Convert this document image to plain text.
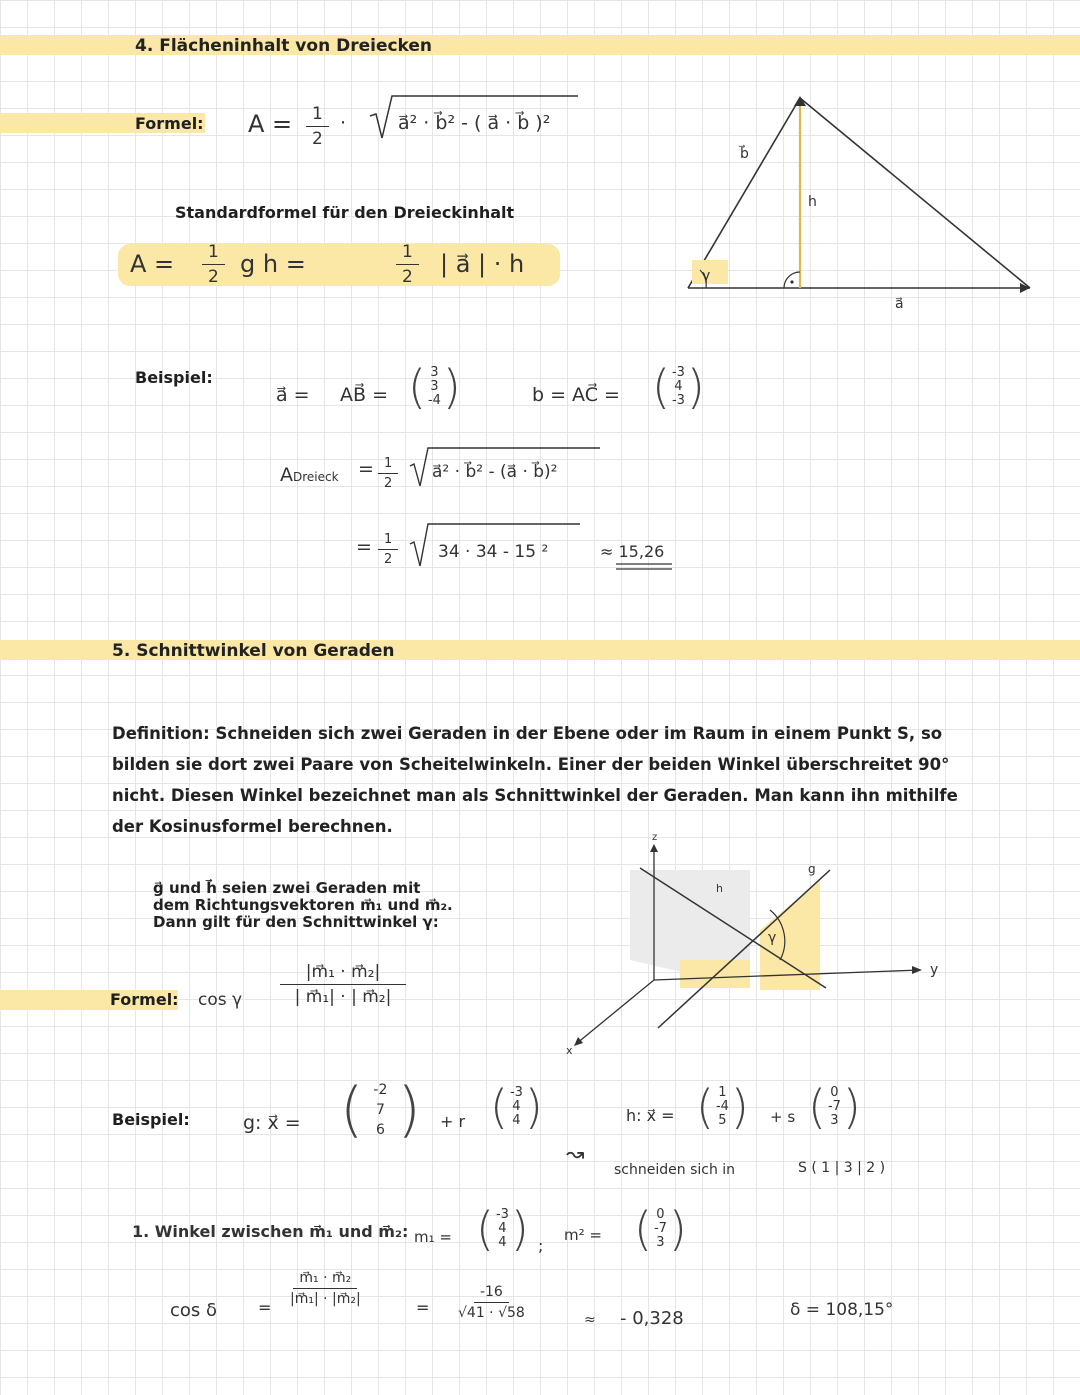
4. Flächeninhalt von Dreiecken
Formel: $A = \frac{1}{2}$ ·	a⃗² · b⃗² - ( a⃗ · b⃗ )²
Standardformel für den Dreieckinhalt
$A = \frac{1}{2}$ g h =	$\frac{1}{2}$ | a⃗ | · h
b⃗
h
γ
a⃗
Beispiel:
a⃗ = AB⃗ = ( 3
3
-4 )	b = AC⃗ = ( -3
4
-3 )
ADreieck = $\frac{1}{2}$ a⃗² · b⃗² - (a⃗ · b⃗)²
= $\frac{1}{2} 34 \cdot 34 - 15$ ²	≈ 15,26
5. Schnittwinkel von Geraden
Definition: Schneiden sich zwei Geraden in der Ebene oder im Raum in einem Punkt S, so bilden sie dort zwei Paare von Scheitelwinkeln. Einer der beiden Winkel überschreitet 90° nicht. Diesen Winkel bezeichnet man als Schnittwinkel der Geraden. Man kann ihn mithilfe der Kosinusformel berechnen.
g⃗ und h⃗ seien zwei Geraden mit
dem Richtungsvektoren m⃗₁ und m⃗₂.
Dann gilt für den Schnittwinkel γ:
z
y
x
g
h
γ
Formel: cos γ $\frac{\text{|m⃗₁ · m⃗₂|}}{\text{| m⃗₁| · | m⃗₂|}}$
Beispiel:	g: x⃗ = ( -2
7
6 ) + r ( -3
4
4 )
↝
h: x⃗ = ( 1
-4
5 ) + s ( 0
-7
3 )
schneiden sich in	S ( 1 | 3 | 2 )
1. Winkel zwischen m⃗₁ und m⃗₂: m₁ = ( -3
4
4 ) ;
m² = ( 0
-7
3 )
cos δ	=
$\frac{\text{m⃗₁ · m⃗₂}}{\text{|m⃗₁| · |m⃗₂|}}$
= $\frac{-16}{√41 \cdot √58}$	≈ - 0,328	δ = 108,15°
